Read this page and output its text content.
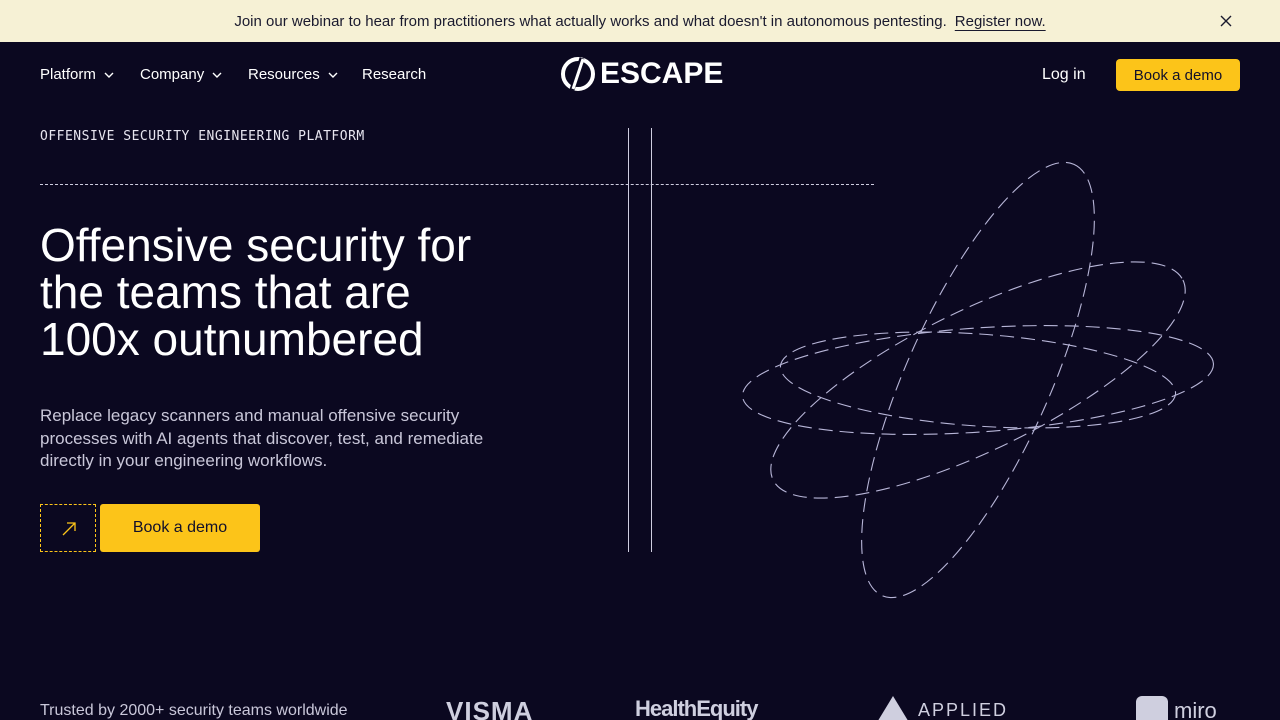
Join our webinar to hear from practitioners what actually works and what doesn't in autonomous pentesting. Register now.
Platform	Company	Resources	Research	ESCAPE	Log in	Book a demo
OFFENSIVE SECURITY ENGINEERING PLATFORM
Offensive security for
the teams that are
100x outnumbered

Replace legacy scanners and manual offensive security processes with AI agents that discover, test, and remediate directly in your engineering workflows.

Book a demo
Trusted by 2000+ security teams worldwide	VISMA	HealthEquity	APPLIED	miro
